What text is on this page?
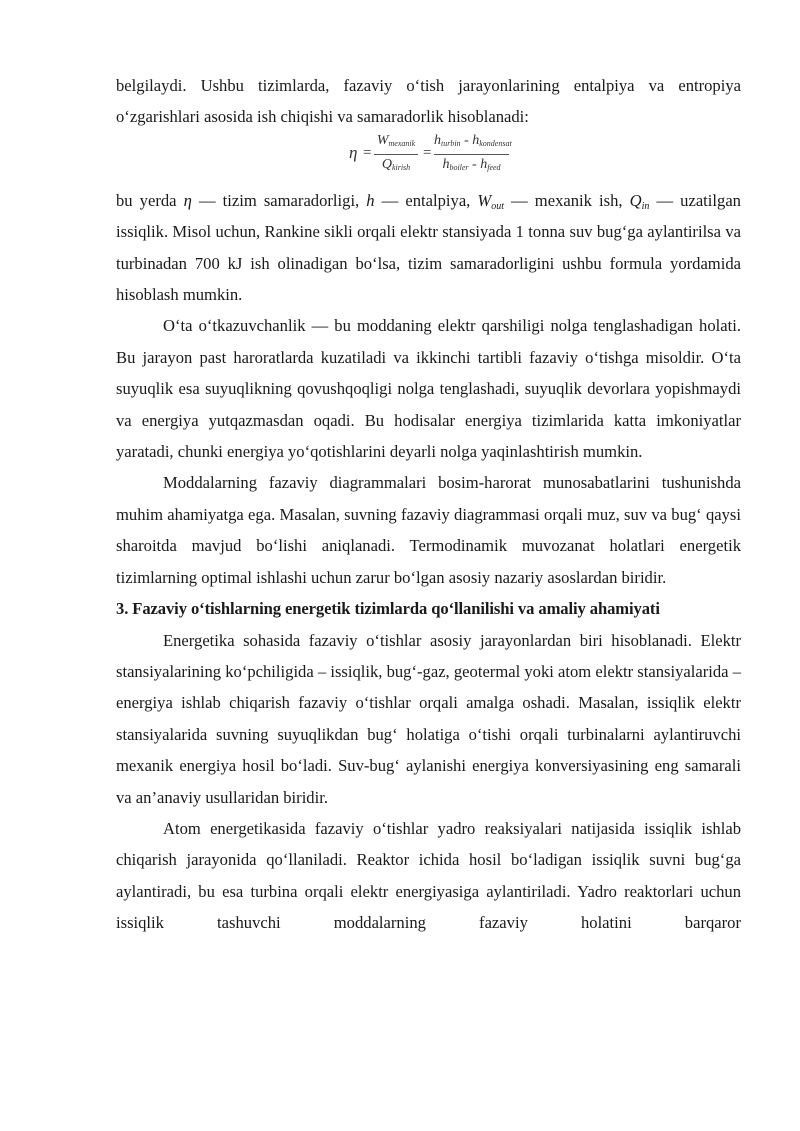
belgilaydi. Ushbu tizimlarda, fazaviy o‘tish jarayonlarining entalpiya va entropiya o‘zgarishlari asosida ish chiqishi va samaradorlik hisoblanadi:

η =
$W_{mexanik}$
$Q_{kirish}$
=
$h_{turbin} - h_{kondensat}$
$h_{boiler} - h_{feed}$

bu yerda η — tizim samaradorligi, h — entalpiya, $W_{out}$ — mexanik ish, $Q_{in}$ — uzatilgan issiqlik. Misol uchun, Rankine sikli orqali elektr stansiyada 1 tonna suv bug‘ga aylantirilsa va turbinadan 700 kJ ish olinadigan bo‘lsa, tizim samaradorligini ushbu formula yordamida hisoblash mumkin.

O‘ta o‘tkazuvchanlik — bu moddaning elektr qarshiligi nolga tenglashadigan holati. Bu jarayon past haroratlarda kuzatiladi va ikkinchi tartibli fazaviy o‘tishga misoldir. O‘ta suyuqlik esa suyuqlikning qovushqoqligi nolga tenglashadi, suyuqlik devorlara yopishmaydi va energiya yutqazmasdan oqadi. Bu hodisalar energiya tizimlarida katta imkoniyatlar yaratadi, chunki energiya yo‘qotishlarini deyarli nolga yaqinlashtirish mumkin.

Moddalarning fazaviy diagrammalari bosim-harorat munosabatlarini tushunishda muhim ahamiyatga ega. Masalan, suvning fazaviy diagrammasi orqali muz, suv va bug‘ qaysi sharoitda mavjud bo‘lishi aniqlanadi. Termodinamik muvozanat holatlari energetik tizimlarning optimal ishlashi uchun zarur bo‘lgan asosiy nazariy asoslardan biridir.

3. Fazaviy o‘tishlarning energetik tizimlarda qo‘llanilishi va amaliy ahamiyati

Energetika sohasida fazaviy o‘tishlar asosiy jarayonlardan biri hisoblanadi. Elektr stansiyalarining ko‘pchiligida – issiqlik, bug‘-gaz, geotermal yoki atom elektr stansiyalarida – energiya ishlab chiqarish fazaviy o‘tishlar orqali amalga oshadi. Masalan, issiqlik elektr stansiyalarida suvning suyuqlikdan bug‘ holatiga o‘tishi orqali turbinalarni aylantiruvchi mexanik energiya hosil bo‘ladi. Suv-bug‘ aylanishi energiya konversiyasining eng samarali va an’anaviy usullaridan biridir.

Atom energetikasida fazaviy o‘tishlar yadro reaksiyalari natijasida issiqlik ishlab chiqarish jarayonida qo‘llaniladi. Reaktor ichida hosil bo‘ladigan issiqlik suvni bug‘ga aylantiradi, bu esa turbina orqali elektr energiyasiga aylantiriladi. Yadro reaktorlari uchun issiqlik tashuvchi moddalarning fazaviy holatini barqaror
